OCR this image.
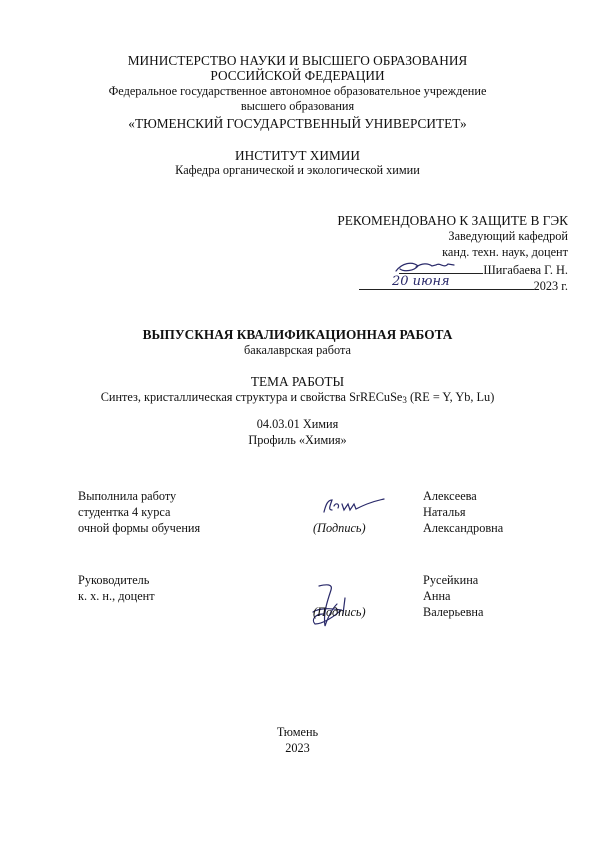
МИНИСТЕРСТВО НАУКИ И ВЫСШЕГО ОБРАЗОВАНИЯ
РОССИЙСКОЙ ФЕДЕРАЦИИ
Федеральное государственное автономное образовательное учреждение
высшего образования
«ТЮМЕНСКИЙ ГОСУДАРСТВЕННЫЙ УНИВЕРСИТЕТ»
ИНСТИТУТ ХИМИИ
Кафедра органической и экологической химии
РЕКОМЕНДОВАНО К ЗАЩИТЕ В ГЭК
Заведующий кафедрой
канд. техн. наук, доцент
Шигабаева Г. Н.
2023 г.
20 июня
ВЫПУСКНАЯ КВАЛИФИКАЦИОННАЯ РАБОТА
бакалаврская работа
ТЕМА РАБОТЫ
Синтез, кристаллическая структура и свойства SrRECuSe$_3$ (RE = Y, Yb, Lu)
04.03.01 Химия
Профиль «Химия»
Выполнила работу
студентка 4 курса
очной формы обучения	(Подпись)
Алексеева
Наталья
Александровна
Руководитель
к. х. н., доцент
(Подпись)
Русейкина
Анна
Валерьевна
Тюмень
2023
